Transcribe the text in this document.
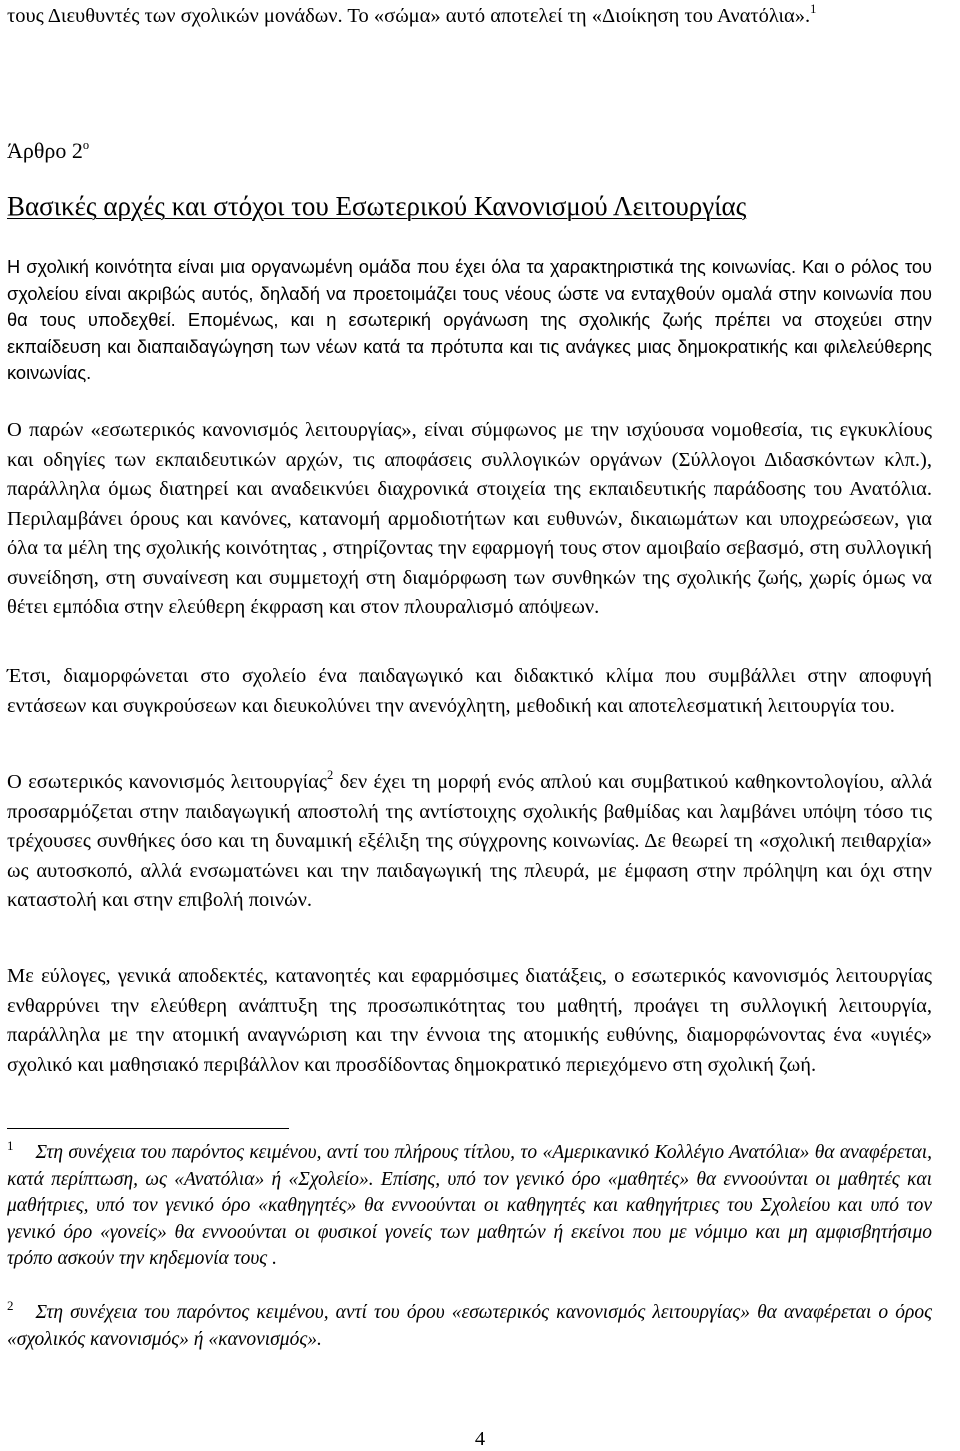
τους Διευθυντές των σχολικών μονάδων. Το «σώμα» αυτό αποτελεί τη «Διοίκηση του Ανατόλια».$^1$

Άρθρο $2^o$
Βασικές αρχές και στόχοι του Εσωτερικού Κανονισμού Λειτουργίας

Η σχολική κοινότητα είναι μια οργανωμένη ομάδα που έχει όλα τα χαρακτηριστικά της κοινωνίας. Και ο ρόλος του σχολείου είναι ακριβώς αυτός, δηλαδή να προετοιμάζει τους νέους ώστε να ενταχθούν ομαλά στην κοινωνία που θα τους υποδεχθεί. Επομένως, και η εσωτερική οργάνωση της σχολικής ζωής πρέπει να στοχεύει στην εκπαίδευση και διαπαιδαγώγηση των νέων κατά τα πρότυπα και τις ανάγκες μιας δημοκρατικής και φιλελεύθερης κοινωνίας.

Ο παρών «εσωτερικός κανονισμός λειτουργίας», είναι σύμφωνος με την ισχύουσα νομοθεσία, τις εγκυκλίους και οδηγίες των εκπαιδευτικών αρχών, τις αποφάσεις συλλογικών οργάνων (Σύλλογοι Διδασκόντων κλπ.), παράλληλα όμως διατηρεί και αναδεικνύει διαχρονικά στοιχεία της εκπαιδευτικής παράδοσης του Ανατόλια. Περιλαμβάνει όρους και κανόνες, κατανομή αρμοδιοτήτων και ευθυνών, δικαιωμάτων και υποχρεώσεων, για όλα τα μέλη της σχολικής κοινότητας , στηρίζοντας την εφαρμογή τους στον αμοιβαίο σεβασμό, στη συλλογική συνείδηση, στη συναίνεση και συμμετοχή στη διαμόρφωση των συνθηκών της σχολικής ζωής, χωρίς όμως να θέτει εμπόδια στην ελεύθερη έκφραση και στον πλουραλισμό απόψεων.

Έτσι, διαμορφώνεται στο σχολείο ένα παιδαγωγικό και διδακτικό κλίμα που συμβάλλει στην αποφυγή εντάσεων και συγκρούσεων και διευκολύνει την ανενόχλητη, μεθοδική και αποτελεσματική λειτουργία του.

Ο εσωτερικός κανονισμός λειτουργίας$^2$ δεν έχει τη μορφή ενός απλού και συμβατικού καθηκοντολογίου, αλλά προσαρμόζεται στην παιδαγωγική αποστολή της αντίστοιχης σχολικής βαθμίδας και λαμβάνει υπόψη τόσο τις τρέχουσες συνθήκες όσο και τη δυναμική εξέλιξη της σύγχρονης κοινωνίας. Δε θεωρεί τη «σχολική πειθαρχία» ως αυτοσκοπό, αλλά ενσωματώνει και την παιδαγωγική της πλευρά, με έμφαση στην πρόληψη και όχι στην καταστολή και στην επιβολή ποινών.

Με εύλογες, γενικά αποδεκτές, κατανοητές και εφαρμόσιμες διατάξεις, ο εσωτερικός κανονισμός λειτουργίας ενθαρρύνει την ελεύθερη ανάπτυξη της προσωπικότητας του μαθητή, προάγει τη συλλογική λειτουργία, παράλληλα με την ατομική αναγνώριση και την έννοια της ατομικής ευθύνης, διαμορφώνοντας ένα «υγιές» σχολικό και μαθησιακό περιβάλλον και προσδίδοντας δημοκρατικό περιεχόμενο στη σχολική ζωή.

$^1$ Στη συνέχεια του παρόντος κειμένου, αντί του πλήρους τίτλου, το «Αμερικανικό Κολλέγιο Ανατόλια» θα αναφέρεται, κατά περίπτωση, ως «Ανατόλια» ή «Σχολείο». Επίσης, υπό τον γενικό όρο «μαθητές» θα εννοούνται οι μαθητές και μαθήτριες, υπό τον γενικό όρο «καθηγητές» θα εννοούνται οι καθηγητές και καθηγήτριες του Σχολείου και υπό τον γενικό όρο «γονείς» θα εννοούνται οι φυσικοί γονείς των μαθητών ή εκείνοι που με νόμιμο και μη αμφισβητήσιμο τρόπο ασκούν την κηδεμονία τους .

$^2$ Στη συνέχεια του παρόντος κειμένου, αντί του όρου «εσωτερικός κανονισμός λειτουργίας» θα αναφέρεται ο όρος «σχολικός κανονισμός» ή «κανονισμός».

4
